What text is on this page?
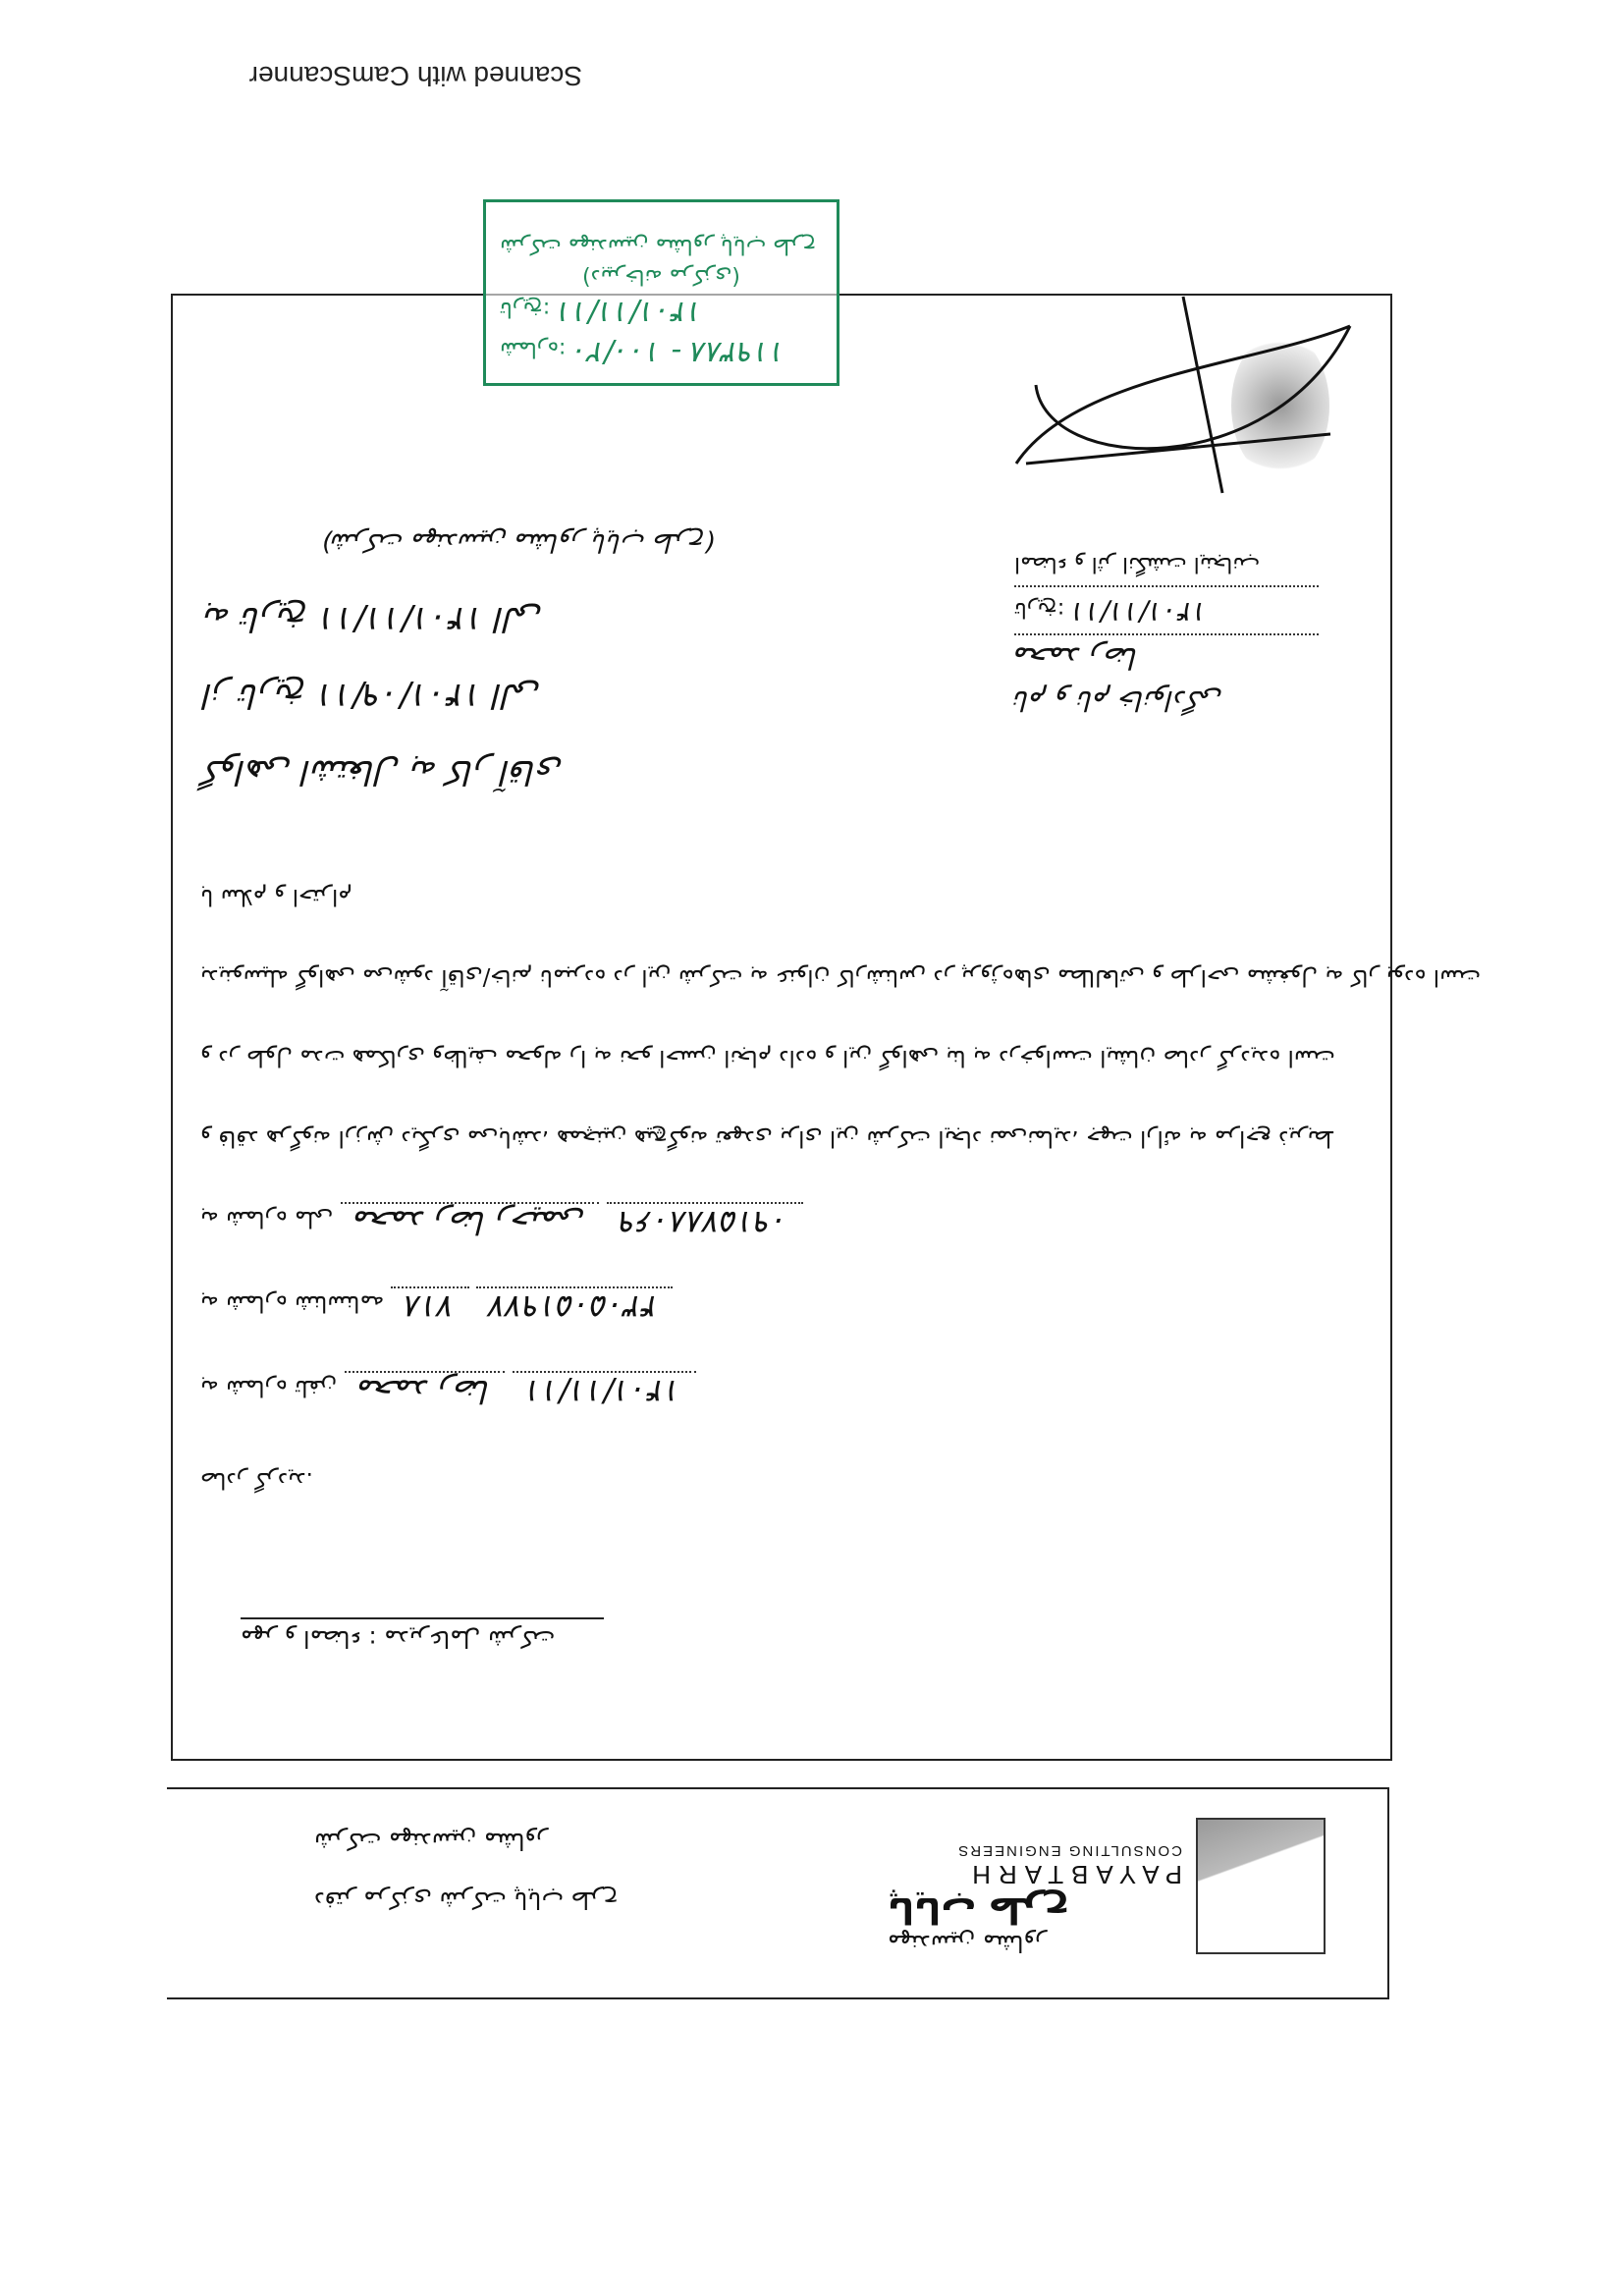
Scanned with CamScanner
شماره:	۱۰۰/۲۰ - ۱۱۹۳۸۸
تاریخ: ۱۴۰۱/۱۱/۱۱
(دبیرخانه مرکزی)
شرکت مهندسین مشاور پایاب طرح
گواهی اشتغال به کار آقای
از تاریخ ۱۴۰۱/۰۹/۱۱ الی
به تاریخ ۱۴۰۱/۱۱/۱۱ الی
(شرکت مهندسین مشاور پایاب طرح)
نام و نام خانوادگی
محمد رضا
تاریخ: ۱۴۰۱/۱۱/۱۱
امضاء و اثر انگشت اینجانب
صادر گردید.
به شماره تلفن محمد رضا ۱۴۰۱/۱۱/۱۱
به شماره شناسنامه ۷۱۸ ۴۳۰۵۰۵۱۹۷۷
به شماره ملی محمد رضا رحیمی ۰۹۱۵۷۸۸۰۶۹
و فاقد هرگونه ارزش دیگری می‌باشد، همچنین هیچ‌گونه تعهدی برای این شرکت ایجاد نمی‌نماید، جهت ارائه به مراجع ذیربط
و در طول مدت همکاری وظایف محوله را به نحو احسن انجام داده و این گواهی بنا به درخواست ایشان صادر گردیده است
بدینوسیله گواهی می‌شود آقای/خانم نامبرده در این شرکت به عنوان کارشناس در پروژه‌های مطالعاتی و طراحی مشغول به کار بوده است
با سلام و احترام
مهر و امضاء : مدیرعامل شرکت
مهندسین مشاور
پایاب طرح
PAYABTARH
CONSULTING ENGINEERS
دفتر مرکزی شرکت پایاب طرح
شرکت مهندسین مشاور
